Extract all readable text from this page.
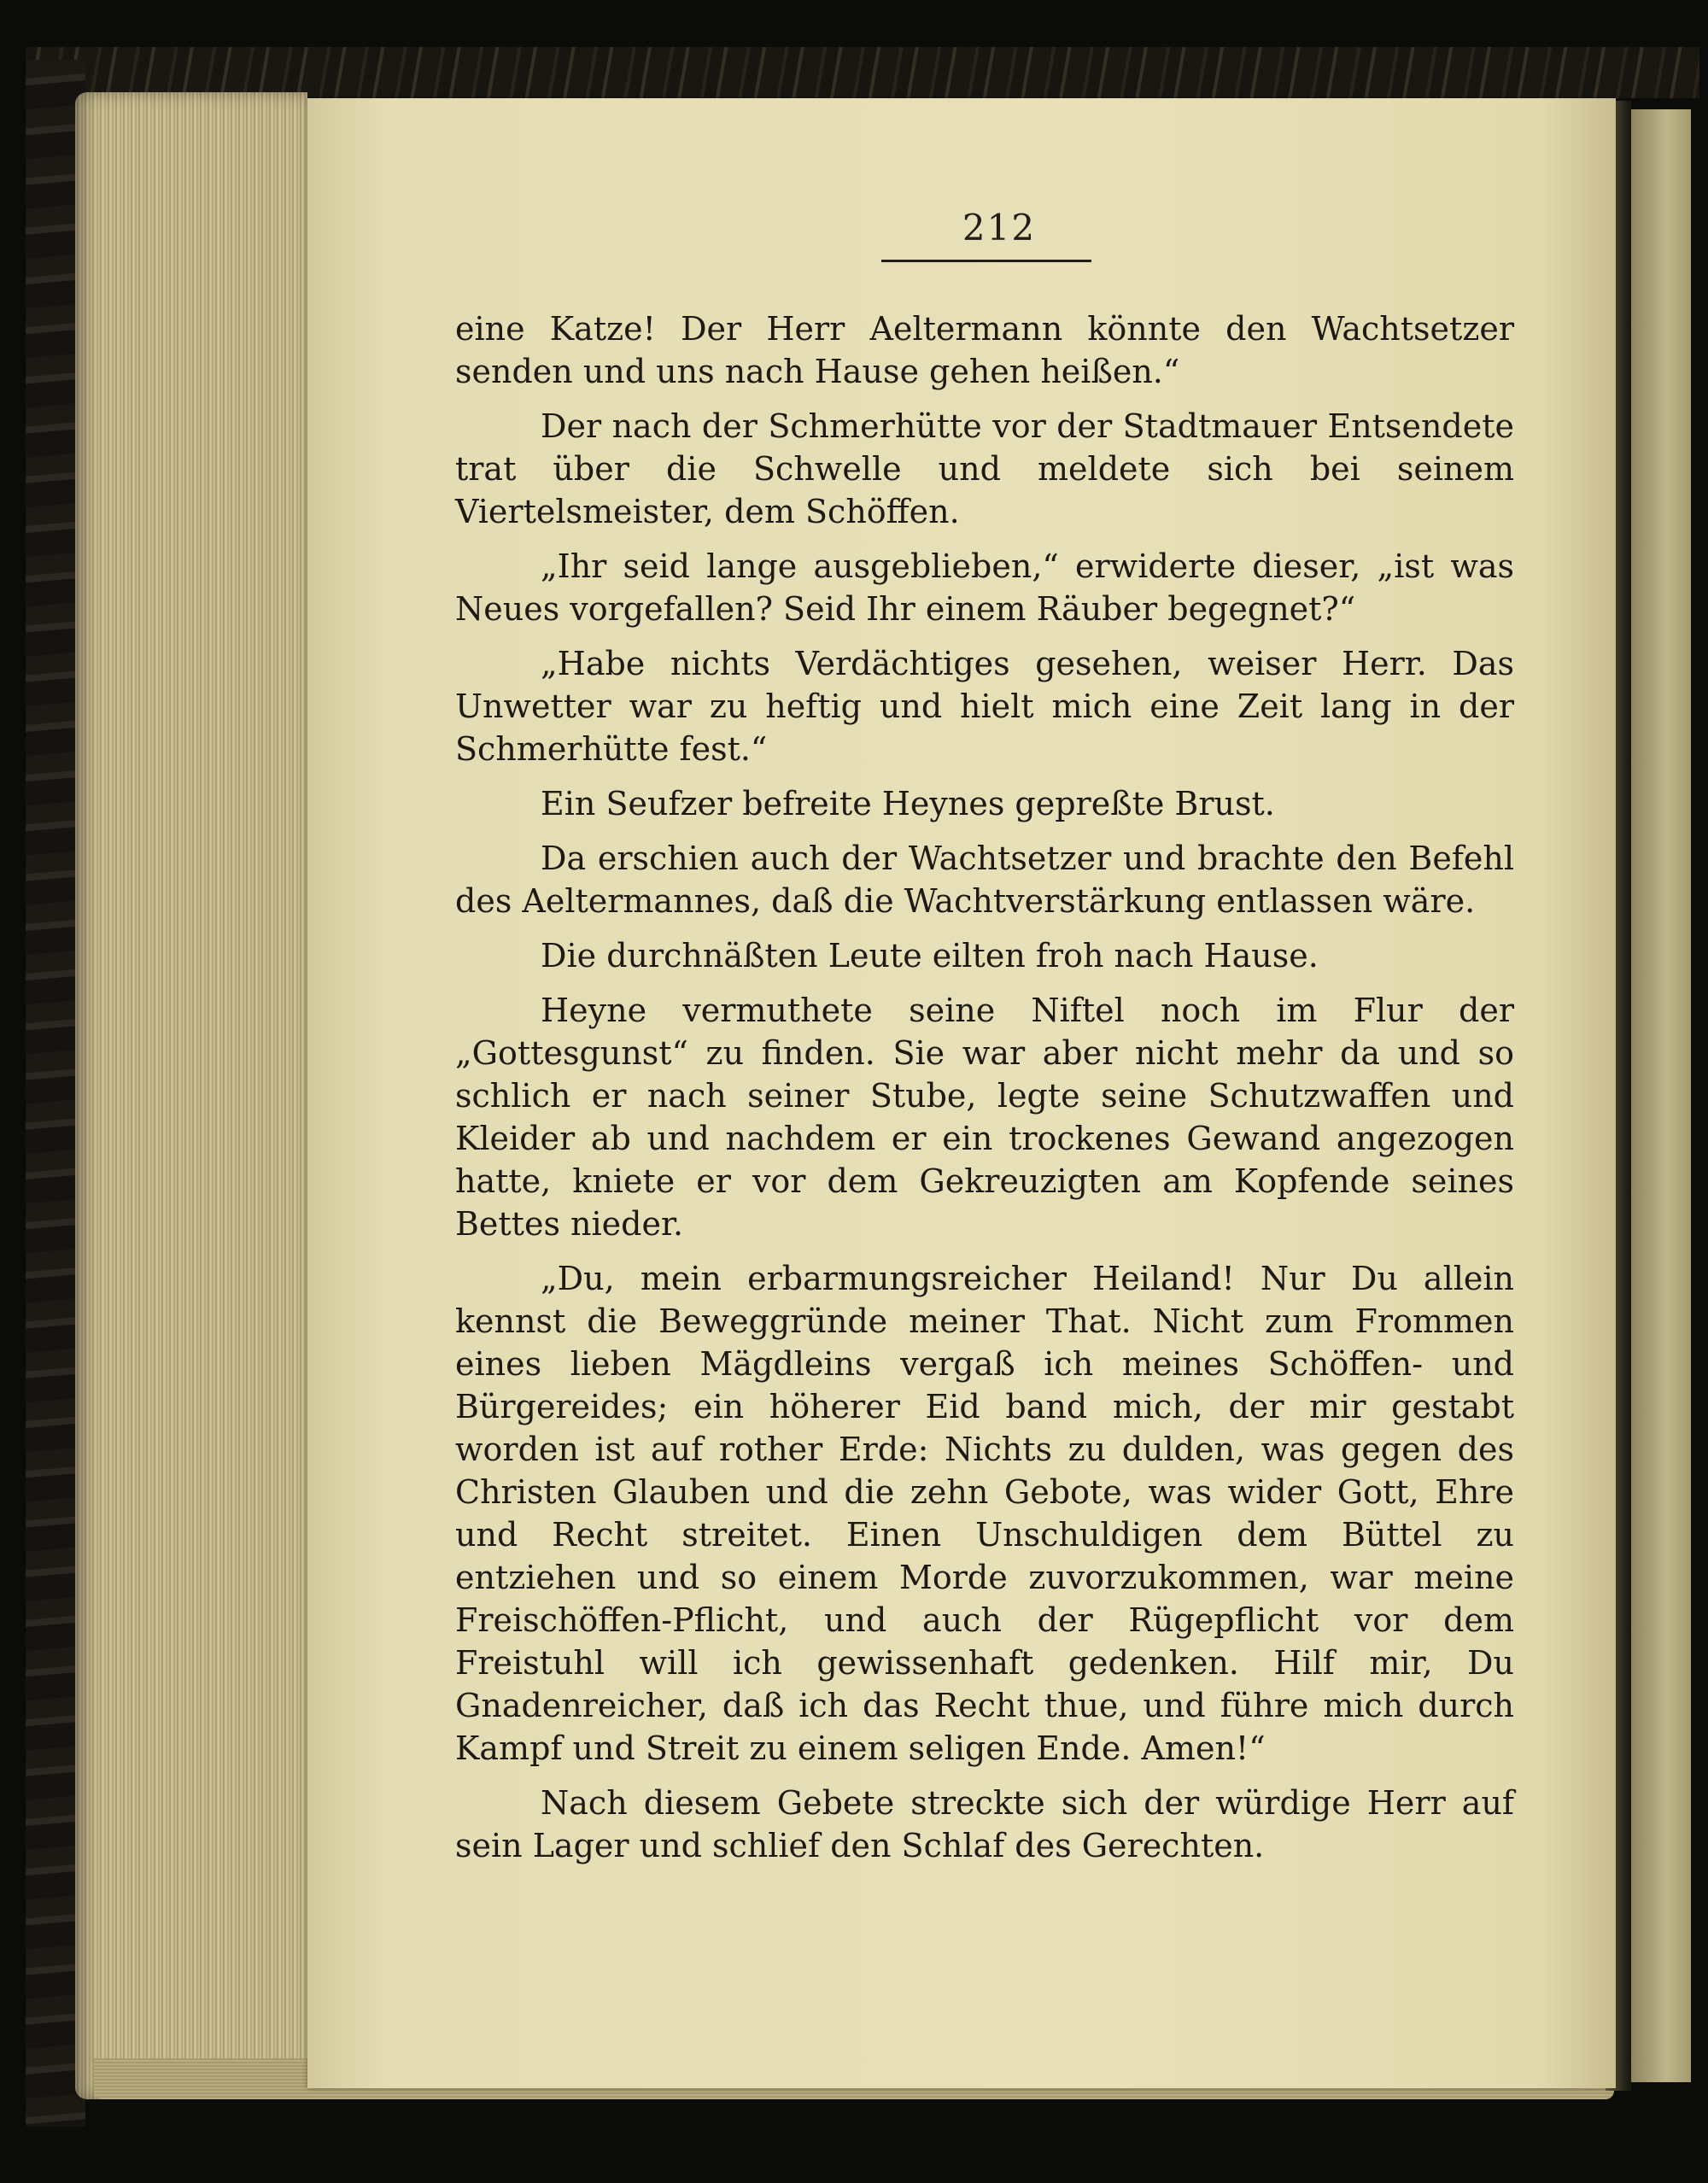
212

eine Katze! Der Herr Aeltermann könnte den Wachtsetzer senden und uns nach Hause gehen heißen.“

Der nach der Schmerhütte vor der Stadtmauer Entsendete trat über die Schwelle und meldete sich bei seinem Viertelsmeister, dem Schöffen.

„Ihr seid lange ausgeblieben,“ erwiderte dieser, „ist was Neues vorgefallen? Seid Ihr einem Räuber begegnet?“

„Habe nichts Verdächtiges gesehen, weiser Herr. Das Unwetter war zu heftig und hielt mich eine Zeit lang in der Schmerhütte fest.“

Ein Seufzer befreite Heynes gepreßte Brust.

Da erschien auch der Wachtsetzer und brachte den Befehl des Aeltermannes, daß die Wachtverstärkung entlassen wäre.

Die durchnäßten Leute eilten froh nach Hause.

Heyne vermuthete seine Niftel noch im Flur der „Gottesgunst“ zu finden. Sie war aber nicht mehr da und so schlich er nach seiner Stube, legte seine Schutzwaffen und Kleider ab und nachdem er ein trockenes Gewand angezogen hatte, kniete er vor dem Gekreuzigten am Kopfende seines Bettes nieder.

„Du, mein erbarmungsreicher Heiland! Nur Du allein kennst die Beweggründe meiner That. Nicht zum Frommen eines lieben Mägdleins vergaß ich meines Schöffen- und Bürgereides; ein höherer Eid band mich, der mir gestabt worden ist auf rother Erde: Nichts zu dulden, was gegen des Christen Glauben und die zehn Gebote, was wider Gott, Ehre und Recht streitet. Einen Unschuldigen dem Büttel zu entziehen und so einem Morde zuvorzukommen, war meine Freischöffen-Pflicht, und auch der Rügepflicht vor dem Freistuhl will ich gewissenhaft gedenken. Hilf mir, Du Gnadenreicher, daß ich das Recht thue, und führe mich durch Kampf und Streit zu einem seligen Ende. Amen!“

Nach diesem Gebete streckte sich der würdige Herr auf sein Lager und schlief den Schlaf des Gerechten.
